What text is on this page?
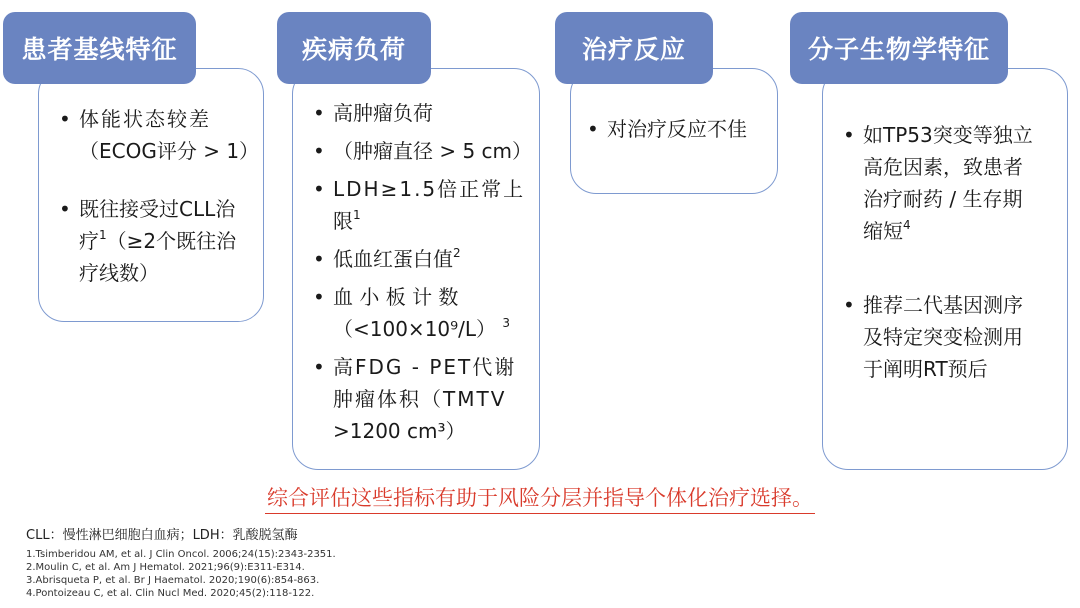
• 体能状态较差
（ECOG评分 > 1）
• 既往接受过CLL治
疗$^1$（≥2个既往治
疗线数）
患者基线特征
• 高肿瘤负荷
• （肿瘤直径 > 5 cm）
• LDH≥1.5倍正常上
限$^1$
• 低血红蛋白值$^2$
• 血 小 板 计 数
（<100×10⁹/L） $^3$
• 高FDG - PET代谢
肿瘤体积（TMTV
>1200 cm³）
疾病负荷
• 对治疗反应不佳
治疗反应
• 如TP53突变等独立
高危因素，致患者
治疗耐药 / 生存期
缩短$^4$
• 推荐二代基因测序
及特定突变检测用
于阐明RT预后
分子生物学特征
综合评估这些指标有助于风险分层并指导个体化治疗选择。
CLL：慢性淋巴细胞白血病；LDH：乳酸脱氢酶
1.Tsimberidou AM, et al. J Clin Oncol. 2006;24(15):2343-2351.
2.Moulin C, et al. Am J Hematol. 2021;96(9):E311-E314.
3.Abrisqueta P, et al. Br J Haematol. 2020;190(6):854-863.
4.Pontoizeau C, et al. Clin Nucl Med. 2020;45(2):118-122.
